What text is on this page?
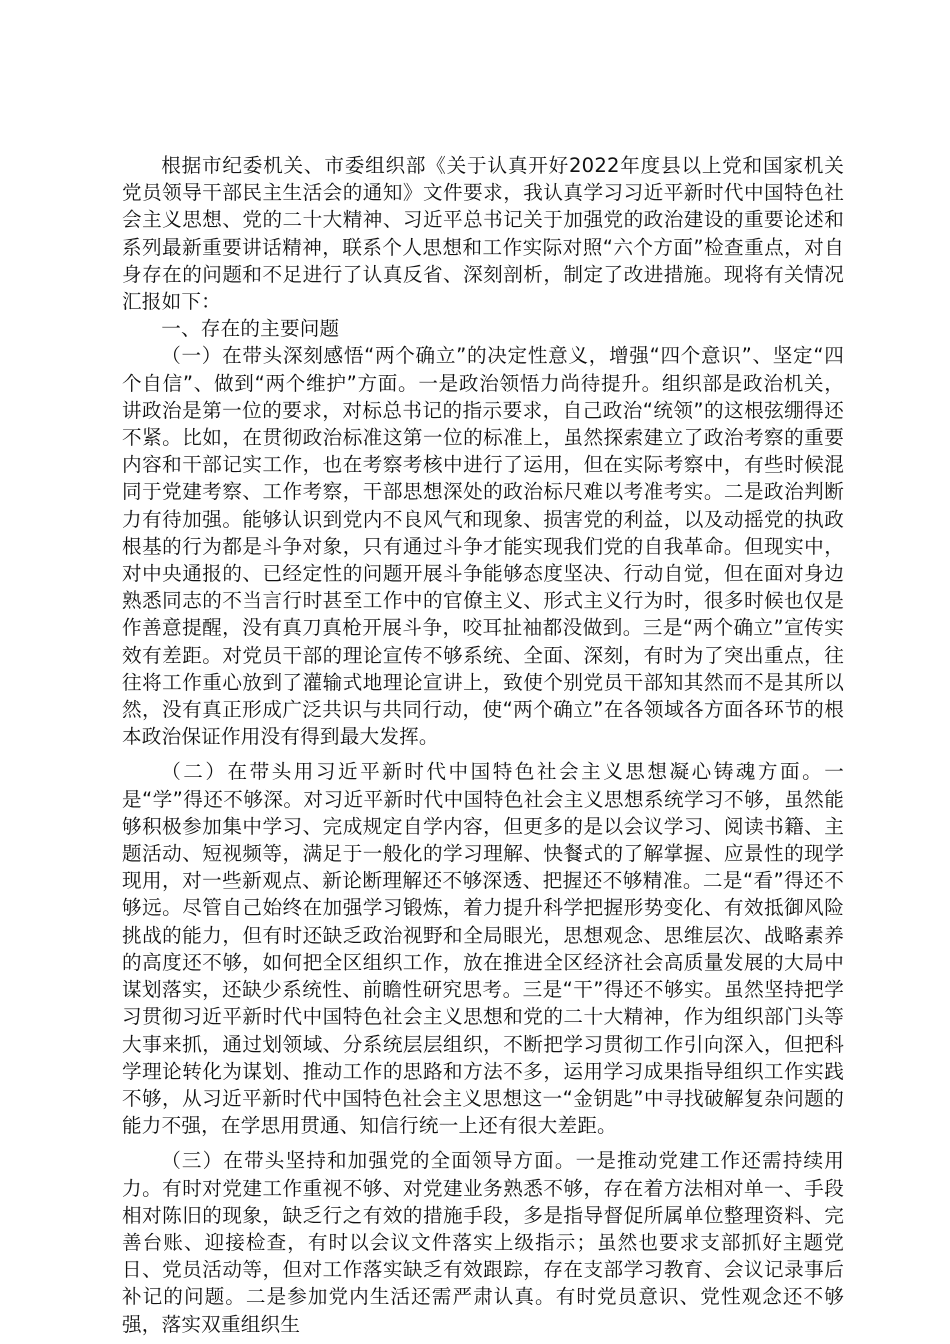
根据市纪委机关、市委组织部《关于认真开好2022年度县以上党和国家机关党员领导干部民主生活会的通知》文件要求，我认真学习习近平新时代中国特色社会主义思想、党的二十大精神、习近平总书记关于加强党的政治建设的重要论述和系列最新重要讲话精神，联系个人思想和工作实际对照“六个方面”检查重点，对自身存在的问题和不足进行了认真反省、深刻剖析，制定了改进措施。现将有关情况汇报如下：

一、存在的主要问题

（一）在带头深刻感悟“两个确立”的决定性意义，增强“四个意识”、坚定“四个自信”、做到“两个维护”方面。一是政治领悟力尚待提升。组织部是政治机关，讲政治是第一位的要求，对标总书记的指示要求，自己政治“统领”的这根弦绷得还不紧。比如，在贯彻政治标准这第一位的标准上，虽然探索建立了政治考察的重要内容和干部记实工作，也在考察考核中进行了运用，但在实际考察中，有些时候混同于党建考察、工作考察，干部思想深处的政治标尺难以考准考实。二是政治判断力有待加强。能够认识到党内不良风气和现象、损害党的利益，以及动摇党的执政根基的行为都是斗争对象，只有通过斗争才能实现我们党的自我革命。但现实中，对中央通报的、已经定性的问题开展斗争能够态度坚决、行动自觉，但在面对身边熟悉同志的不当言行时甚至工作中的官僚主义、形式主义行为时，很多时候也仅是作善意提醒，没有真刀真枪开展斗争，咬耳扯袖都没做到。三是“两个确立”宣传实效有差距。对党员干部的理论宣传不够系统、全面、深刻，有时为了突出重点，往往将工作重心放到了灌输式地理论宣讲上，致使个别党员干部知其然而不是其所以然，没有真正形成广泛共识与共同行动，使“两个确立”在各领域各方面各环节的根本政治保证作用没有得到最大发挥。

（二）在带头用习近平新时代中国特色社会主义思想凝心铸魂方面。一是“学”得还不够深。对习近平新时代中国特色社会主义思想系统学习不够，虽然能够积极参加集中学习、完成规定自学内容，但更多的是以会议学习、阅读书籍、主题活动、短视频等，满足于一般化的学习理解、快餐式的了解掌握、应景性的现学现用，对一些新观点、新论断理解还不够深透、把握还不够精准。二是“看”得还不够远。尽管自己始终在加强学习锻炼，着力提升科学把握形势变化、有效抵御风险挑战的能力，但有时还缺乏政治视野和全局眼光，思想观念、思维层次、战略素养的高度还不够，如何把全区组织工作，放在推进全区经济社会高质量发展的大局中谋划落实，还缺少系统性、前瞻性研究思考。三是“干”得还不够实。虽然坚持把学习贯彻习近平新时代中国特色社会主义思想和党的二十大精神，作为组织部门头等大事来抓，通过划领域、分系统层层组织，不断把学习贯彻工作引向深入，但把科学理论转化为谋划、推动工作的思路和方法不多，运用学习成果指导组织工作实践不够，从习近平新时代中国特色社会主义思想这一“金钥匙”中寻找破解复杂问题的能力不强，在学思用贯通、知信行统一上还有很大差距。

（三）在带头坚持和加强党的全面领导方面。一是推动党建工作还需持续用力。有时对党建工作重视不够、对党建业务熟悉不够，存在着方法相对单一、手段相对陈旧的现象，缺乏行之有效的措施手段，多是指导督促所属单位整理资料、完善台账、迎接检查，有时以会议文件落实上级指示；虽然也要求支部抓好主题党日、党员活动等，但对工作落实缺乏有效跟踪，存在支部学习教育、会议记录事后补记的问题。二是参加党内生活还需严肃认真。有时党员意识、党性观念还不够强，落实双重组织生
